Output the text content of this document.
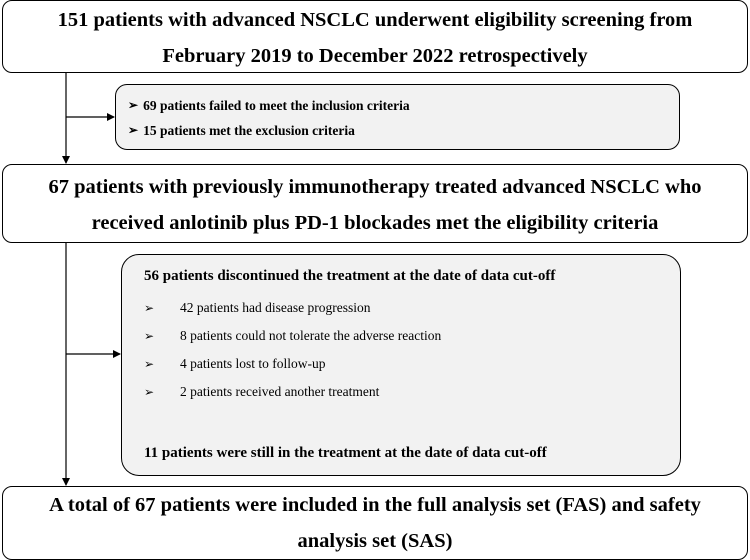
151 patients with advanced NSCLC underwent eligibility screening from
February 2019 to December 2022 retrospectively
➢ 69 patients failed to meet the inclusion criteria
➢ 15 patients met the exclusion criteria
67 patients with previously immunotherapy treated advanced NSCLC who
received anlotinib plus PD-1 blockades met the eligibility criteria
56 patients discontinued the treatment at the date of data cut-off
➢	42 patients had disease progression
➢	8 patients could not tolerate the adverse reaction
➢	4 patients lost to follow-up
➢	2 patients received another treatment
11 patients were still in the treatment at the date of data cut-off
A total of 67 patients were included in the full analysis set (FAS) and safety
analysis set (SAS)
